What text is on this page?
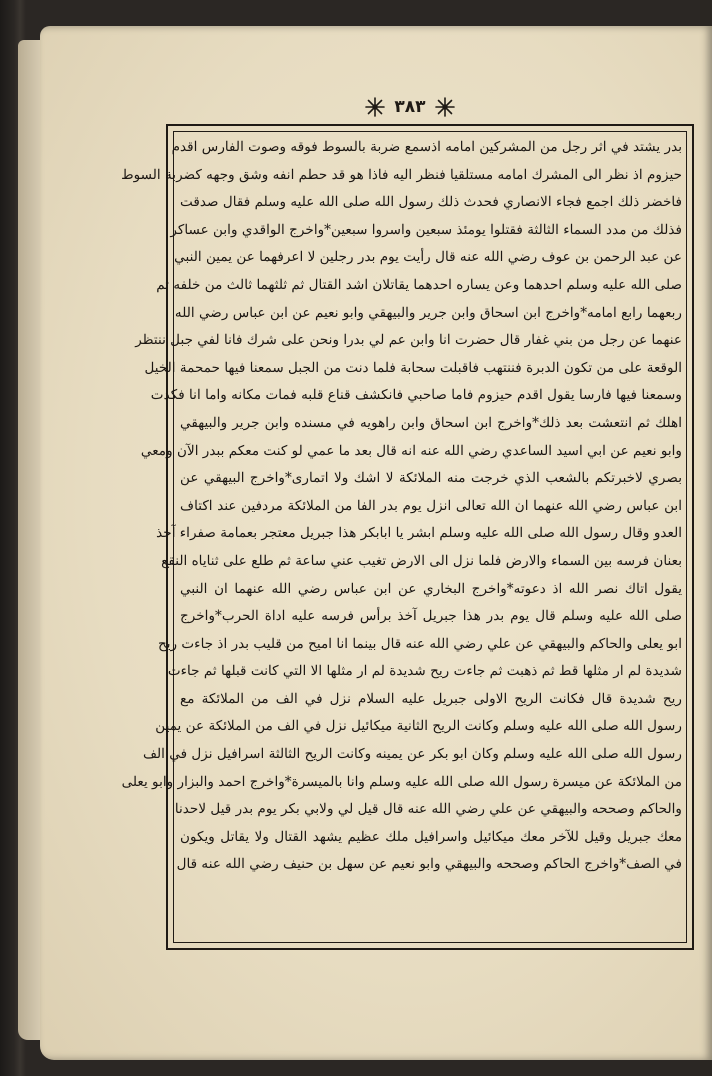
٣٨٣
بدر يشتد في اثر رجل من المشركين امامه اذسمع ضربة بالسوط فوقه وصوت الفارس اقدم
حيزوم اذ نظر الى المشرك امامه مستلقيا فنظر اليه فاذا هو قد حطم انفه وشق وجهه كضربة السوط
فاخضر ذلك اجمع فجاء الانصاري فحدث ذلك رسول الله صلى الله عليه وسلم فقال صدقت
فذلك من مدد السماء الثالثة فقتلوا يومئذ سبعين واسروا سبعين*واخرج الواقدي وابن عساكر
عن عبد الرحمن بن عوف رضي الله عنه قال رأيت يوم بدر رجلين لا اعرفهما عن يمين النبي
صلى الله عليه وسلم احدهما وعن يساره احدهما يقاتلان اشد القتال ثم ثلثهما ثالث من خلفه ثم
ربعهما رابع امامه*واخرج ابن اسحاق وابن جرير والبيهقي وابو نعيم عن ابن عباس رضي الله
عنهما عن رجل من بني غفار قال حضرت انا وابن عم لي بدرا ونحن على شرك فانا لفي جبل ننتظر
الوقعة على من تكون الدبرة فننتهب فاقبلت سحابة فلما دنت من الجبل سمعنا فيها حمحمة الخيل
وسمعنا فيها فارسا يقول اقدم حيزوم فاما صاحبي فانكشف قناع قلبه فمات مكانه واما انا فكدت
اهلك ثم انتعشت بعد ذلك*واخرج ابن اسحاق وابن راهويه في مسنده وابن جرير والبيهقي
وابو نعيم عن ابي اسيد الساعدي رضي الله عنه انه قال بعد ما عمي لو كنت معكم ببدر الآن ومعي
بصري لاخبرتكم بالشعب الذي خرجت منه الملائكة لا اشك ولا اتمارى*واخرج البيهقي عن
ابن عباس رضي الله عنهما ان الله تعالى انزل يوم بدر الفا من الملائكة مردفين عند اكتاف
العدو وقال رسول الله صلى الله عليه وسلم ابشر يا ابابكر هذا جبريل معتجر بعمامة صفراء آخذ
بعنان فرسه بين السماء والارض فلما نزل الى الارض تغيب عني ساعة ثم طلع على ثناياه النقع
يقول اتاك نصر الله اذ دعوته*واخرج البخاري عن ابن عباس رضي الله عنهما ان النبي
صلى الله عليه وسلم قال يوم بدر هذا جبريل آخذ برأس فرسه عليه اداة الحرب*واخرج
ابو يعلى والحاكم والبيهقي عن علي رضي الله عنه قال بينما انا اميح من قليب بدر اذ جاءت ريح
شديدة لم ار مثلها قط ثم ذهبت ثم جاءت ريح شديدة لم ار مثلها الا التي كانت قبلها ثم جاءت
ريح شديدة قال فكانت الريح الاولى جبريل عليه السلام نزل في الف من الملائكة مع
رسول الله صلى الله عليه وسلم وكانت الريح الثانية ميكائيل نزل في الف من الملائكة عن يمين
رسول الله صلى الله عليه وسلم وكان ابو بكر عن يمينه وكانت الريح الثالثة اسرافيل نزل في الف
من الملائكة عن ميسرة رسول الله صلى الله عليه وسلم وانا بالميسرة*واخرج احمد والبزار وابو يعلى
والحاكم وصححه والبيهقي عن علي رضي الله عنه قال قيل لي ولابي بكر يوم بدر قيل لاحدنا
معك جبريل وقيل للآخر معك ميكائيل واسرافيل ملك عظيم يشهد القتال ولا يقاتل ويكون
في الصف*واخرج الحاكم وصححه والبيهقي وابو نعيم عن سهل بن حنيف رضي الله عنه قال
